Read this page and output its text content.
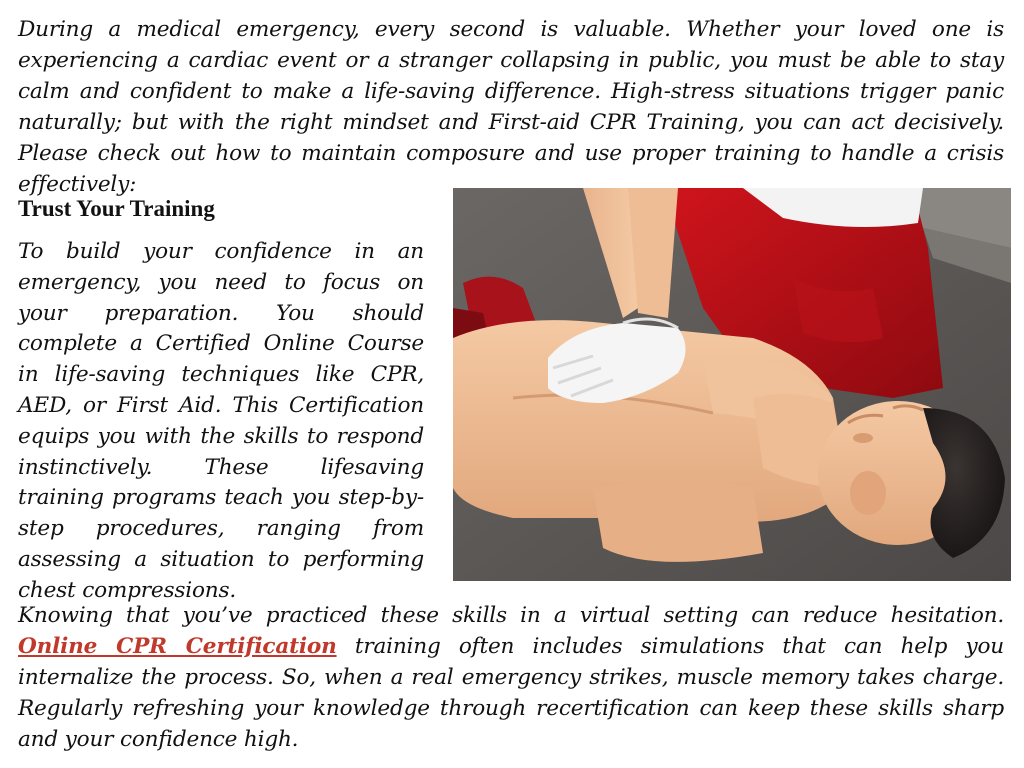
During a medical emergency, every second is valuable. Whether your loved one is experiencing a cardiac event or a stranger collapsing in public, you must be able to stay calm and confident to make a life-saving difference. High-stress situations trigger panic naturally; but with the right mindset and First-aid CPR Training, you can act decisively. Please check out how to maintain composure and use proper training to handle a crisis effectively:

Trust Your Training

To build your confidence in an emergency, you need to focus on your preparation. You should complete a Certified Online Course in life-saving techniques like CPR, AED, or First Aid. This Certification equips you with the skills to respond instinctively. These lifesaving training programs teach you step-by-step procedures, ranging from assessing a situation to performing chest compressions.

Knowing that you’ve practiced these skills in a virtual setting can reduce hesitation. Online CPR Certification training often includes simulations that can help you internalize the process. So, when a real emergency strikes, muscle memory takes charge. Regularly refreshing your knowledge through recertification can keep these skills sharp and your confidence high.
